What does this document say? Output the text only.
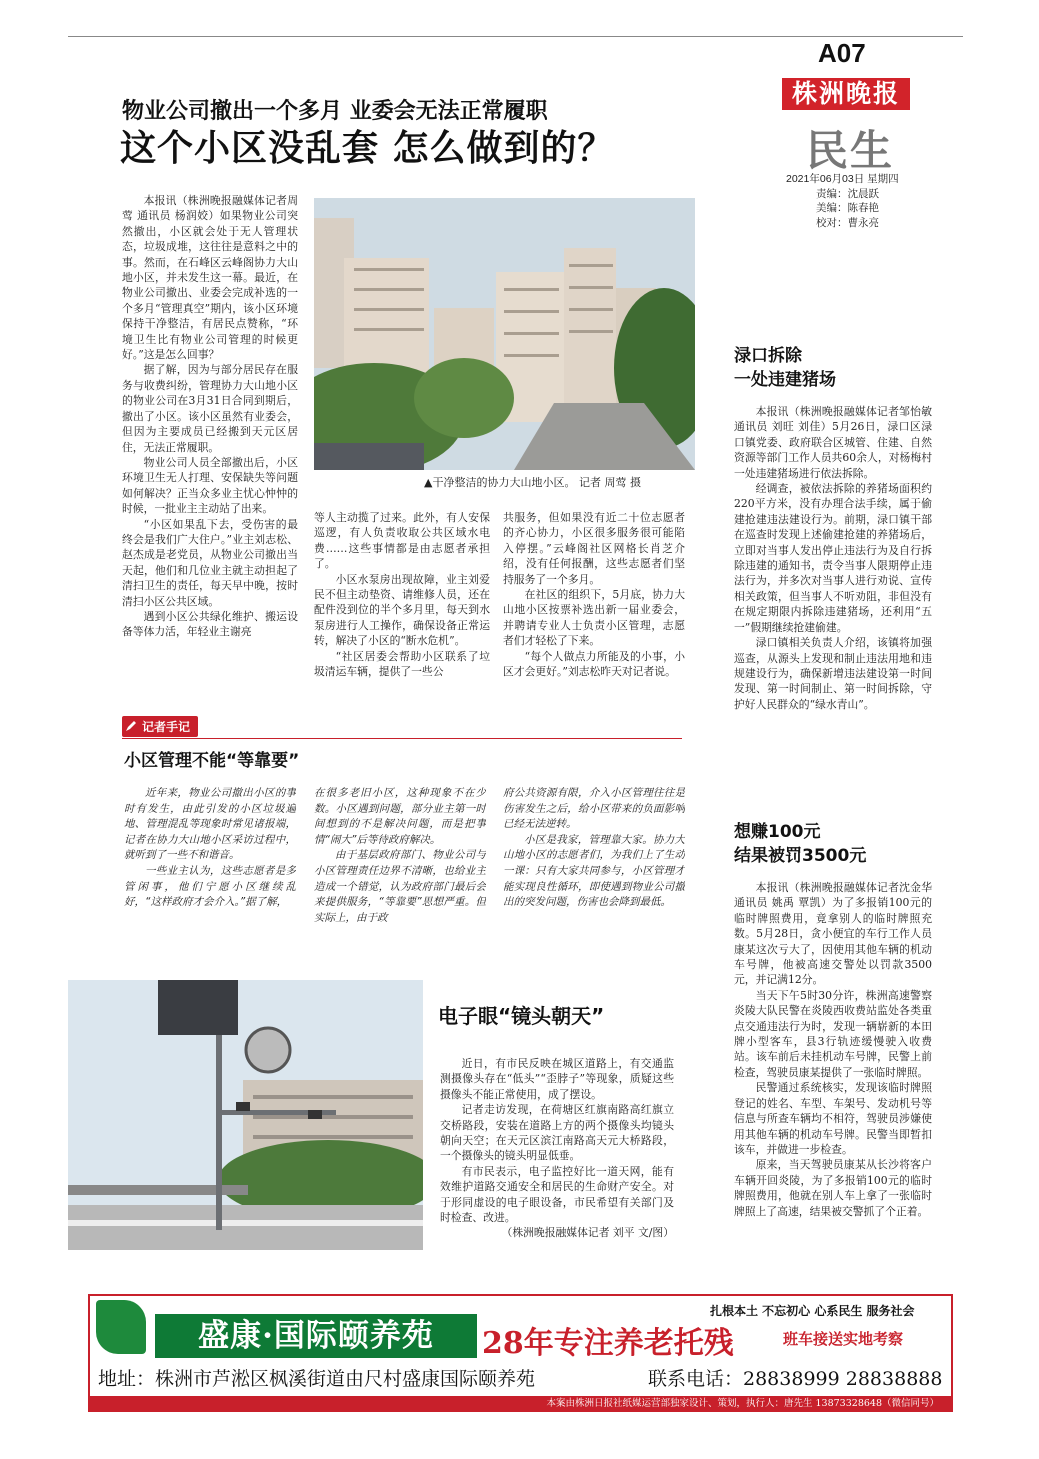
A07
株洲晚报
民生
2021年06月03日 星期四
责编：沈晨跃
美编：陈春艳
校对：曹永亮
物业公司撤出一个多月 业委会无法正常履职
这个小区没乱套 怎么做到的？

本报讯（株洲晚报融媒体记者周莺 通讯员 杨润姣）如果物业公司突然撤出，小区就会处于无人管理状态，垃圾成堆，这往往是意料之中的事。然而，在石峰区云峰阁协力大山地小区，并未发生这一幕。最近，在物业公司撤出、业委会完成补选的一个多月“管理真空”期内，该小区环境保持干净整洁，有居民点赞称，“环境卫生比有物业公司管理的时候更好。”这是怎么回事？

据了解，因为与部分居民存在服务与收费纠纷，管理协力大山地小区的物业公司在3月31日合同到期后，撤出了小区。该小区虽然有业委会，但因为主要成员已经搬到天元区居住，无法正常履职。

物业公司人员全部撤出后，小区环境卫生无人打理、安保缺失等问题如何解决？正当众多业主忧心忡忡的时候，一批业主主动站了出来。

“小区如果乱下去，受伤害的最终会是我们广大住户。”业主刘志松、赵杰成是老党员，从物业公司撤出当天起，他们和几位业主就主动担起了清扫卫生的责任，每天早中晚，按时清扫小区公共区域。

遇到小区公共绿化维护、搬运设备等体力活，年轻业主谢亮

▲干净整洁的协力大山地小区。 记者 周莺 摄

等人主动揽了过来。此外，有人安保巡逻，有人负责收取公共区域水电费……这些事情都是由志愿者承担了。

小区水泵房出现故障，业主刘爱民不但主动垫资、请维修人员，还在配件没到位的半个多月里，每天到水泵房进行人工操作，确保设备正常运转，解决了小区的“断水危机”。

“社区居委会帮助小区联系了垃圾清运车辆，提供了一些公

共服务，但如果没有近二十位志愿者的齐心协力，小区很多服务很可能陷入停摆。”云峰阁社区网格长肖芝介绍，没有任何报酬，这些志愿者们坚持服务了一个多月。

在社区的组织下，5月底，协力大山地小区按票补选出新一届业委会，并聘请专业人士负责小区管理，志愿者们才轻松了下来。

“每个人做点力所能及的小事，小区才会更好。”刘志松昨天对记者说。

记者手记
小区管理不能“等靠要”

近年来，物业公司撤出小区的事时有发生，由此引发的小区垃圾遍地、管理混乱等现象时常见诸报端，记者在协力大山地小区采访过程中，就听到了一些不和谐音。

一些业主认为，这些志愿者是多管闲事，他们宁愿小区继续乱好，“这样政府才会介入。”据了解，

在很多老旧小区，这种现象不在少数。小区遇到问题，部分业主第一时间想到的不是解决问题，而是把事情“闹大”后等待政府解决。

由于基层政府部门、物业公司与小区管理责任边界不清晰，也给业主造成一个错觉，认为政府部门最后会来提供服务，“等靠要”思想严重。但实际上，由于政

府公共资源有限，介入小区管理往往是伤害发生之后，给小区带来的负面影响已经无法逆转。

小区是我家，管理靠大家。协力大山地小区的志愿者们，为我们上了生动一课：只有大家共同参与，小区管理才能实现良性循环，即使遇到物业公司撤出的突发问题，伤害也会降到最低。

电子眼“镜头朝天”

近日，有市民反映在城区道路上，有交通监测摄像头存在“低头”“歪脖子”等现象，质疑这些摄像头不能正常使用，成了摆设。

记者走访发现，在荷塘区红旗南路高红旗立交桥路段，安装在道路上方的两个摄像头均镜头朝向天空；在天元区滨江南路高天元大桥路段，一个摄像头的镜头明显低垂。

有市民表示，电子监控好比一道天网，能有效维护道路交通安全和居民的生命财产安全。对于形同虚设的电子眼设备，市民希望有关部门及时检查、改进。

（株洲晚报融媒体记者 刘平 文/图）

渌口拆除
一处违建猪场

本报讯（株洲晚报融媒体记者邹怡敏 通讯员 刘旺 刘佳）5月26日，渌口区渌口镇党委、政府联合区城管、住建、自然资源等部门工作人员共60余人，对杨梅村一处违建猪场进行依法拆除。

经调查，被依法拆除的养猪场面积约220平方米，没有办理合法手续，属于偷建抢建违法建设行为。前期，渌口镇干部在巡查时发现上述偷建抢建的养猪场后，立即对当事人发出停止违法行为及自行拆除违建的通知书，责令当事人限期停止违法行为，并多次对当事人进行劝说、宣传相关政策，但当事人不听劝阻，非但没有在规定期限内拆除违建猪场，还利用“五一”假期继续抢建偷建。

渌口镇相关负责人介绍，该镇将加强巡查，从源头上发现和制止违法用地和违规建设行为，确保新增违法建设第一时间发现、第一时间制止、第一时间拆除，守护好人民群众的“绿水青山”。

想赚100元
结果被罚3500元

本报讯（株洲晚报融媒体记者沈金华 通讯员 姚禹 覃凯）为了多报销100元的临时牌照费用，竟拿别人的临时牌照充数。5月28日，贪小便宜的车行工作人员康某这次亏大了，因使用其他车辆的机动车号牌，他被高速交警处以罚款3500元，并记满12分。

当天下午5时30分许，株洲高速警察炎陵大队民警在炎陵西收费站监处各类重点交通违法行为时，发现一辆崭新的本田牌小型客车，县3行轨迹缓慢驶入收费站。该车前后未挂机动车号牌，民警上前检查，驾驶员康某提供了一张临时牌照。

民警通过系统核实，发现该临时牌照登记的姓名、车型、车架号、发动机号等信息与所查车辆均不相符，驾驶员涉嫌使用其他车辆的机动车号牌。民警当即暂扣该车，并做进一步检查。

原来，当天驾驶员康某从长沙将客户车辆开回炎陵，为了多报销100元的临时牌照费用，他就在别人车上拿了一张临时牌照上了高速，结果被交警抓了个正着。

扎根本土 不忘初心 心系民生 服务社会
盛康·国际颐养苑	28年专注养老托残	班车接送实地考察
地址：株洲市芦淞区枫溪街道由尺村盛康国际颐养苑	联系电话：28838999 28838888
本案由株洲日报社纸媒运营部独家设计、策划，执行人：唐先生 13873328648（微信同号）
